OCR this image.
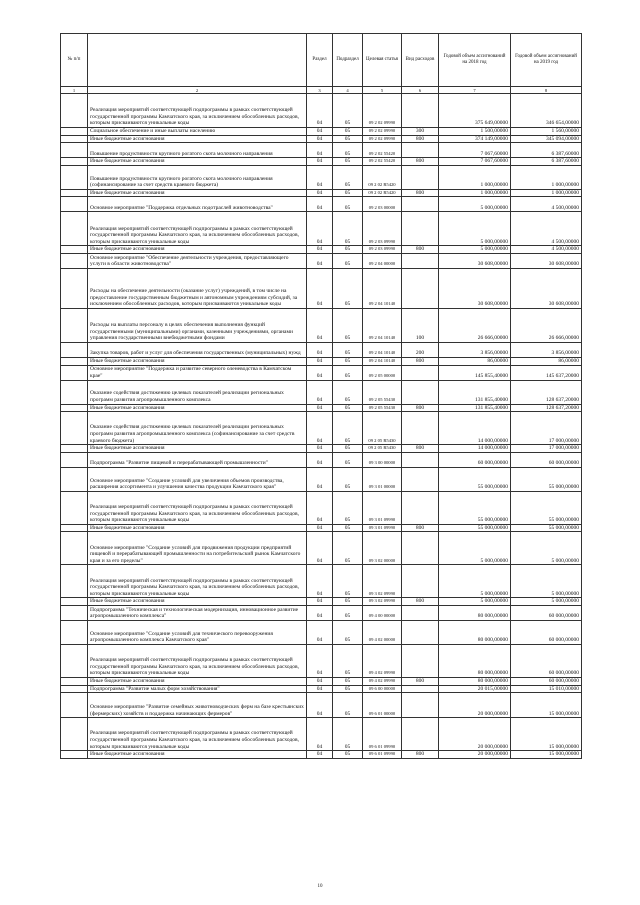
№ п/п		Раздел	Подраздел	Целевая статья	Вид расходов	Годовой объем ассигнований на 2018 год	Годовой объем ассигнований на 2019 год
1	2	3	4	5	6	7	8
	Реализация мероприятий соответствующей подпрограммы в рамках соответствующей государственной программы Камчатского края, за исключением обособленных расходов, которым присваиваются уникальные коды	04	05	09 2 02 09990		375 649,00000	346 654,00000
	Социальное обеспечение и иные выплаты населению	04	05	09 2 02 09990	300	1 500,00000	1 560,00000
	Иные бюджетные ассигнования	04	05	09 2 02 09990	800	374 149,00000	345 094,00000
	Повышение продуктивности крупного рогатого скота молочного направления	04	05	09 2 02 55420		7 067,60000	6 387,60000
	Иные бюджетные ассигнования	04	05	09 2 02 55420	800	7 067,60000	6 387,60000
	Повышение продуктивности крупного рогатого скота молочного направления (софинансирование за счет средств краевого бюджета)	04	05	09 2 02 R5420		1 000,00000	1 000,00000
	Иные бюджетные ассигнования	04	05	09 2 02 R5420	800	1 000,00000	1 000,00000
	Основное мероприятие "Поддержка отдельных подотраслей животноводства"	04	05	09 2 03 00000		5 000,00000	4 500,00000
	Реализация мероприятий соответствующей подпрограммы в рамках соответствующей государственной программы Камчатского края, за исключением обособленных расходов, которым присваиваются уникальные коды	04	05	09 2 03 09990		5 000,00000	4 500,00000
	Иные бюджетные ассигнования	04	05	09 2 03 09990	800	5 000,00000	4 500,00000
	Основное мероприятие "Обеспечение деятельности учреждения, предоставляющего услуги в области животноводства"	04	05	09 2 04 00000		30 608,00000	30 608,00000
	Расходы на обеспечение деятельности (оказание услуг) учреждений, в том числе на предоставление государственным бюджетным и автономным учреждениям субсидий, за исключением обособленных расходов, которым присваиваются уникальные коды	04	05	09 2 04 10140		30 608,00000	30 608,00000
	Расходы на выплаты персоналу в целях обеспечения выполнения функций государственными (муниципальными) органами, казенными учреждениями, органами управления государственными внебюджетными фондами	04	05	09 2 04 10140	100	26 666,00000	26 666,00000
	Закупка товаров, работ и услуг для обеспечения государственных (муниципальных) нужд	04	05	09 2 04 10140	200	3 856,00000	3 856,00000
	Иные бюджетные ассигнования	04	05	09 2 04 10140	800	86,00000	86,00000
	Основное мероприятие "Поддержка и развитие северного оленеводства в Камчатском крае"	04	05	09 2 05 00000		145 855,40000	145 637,20000
	Оказание содействия достижению целевых показателей реализации региональных программ развития агропромышленного комплекса	04	05	09 2 05 55430		131 855,40000	128 637,20000
	Иные бюджетные ассигнования	04	05	09 2 05 55430	800	131 855,40000	128 637,20000
	Оказание содействия достижению целевых показателей реализации региональных программ развития агропромышленного комплекса (софинансирование за счет средств краевого бюджета)	04	05	09 2 05 R5430		14 000,00000	17 000,00000
	Иные бюджетные ассигнования	04	05	09 2 05 R5430	800	14 000,00000	17 000,00000
	Подпрограмма "Развитие пищевой и перерабатывающей промышленности"	04	05	09 3 00 00000		60 000,00000	60 000,00000
	Основное мероприятие "Создание условий для увеличения объемов производства, расширения ассортимента и улучшения качества продукции Камчатского края"	04	05	09 3 01 00000		55 000,00000	55 000,00000
	Реализация мероприятий соответствующей подпрограммы в рамках соответствующей государственной программы Камчатского края, за исключением обособленных расходов, которым присваиваются уникальные коды	04	05	09 3 01 09990		55 000,00000	55 000,00000
	Иные бюджетные ассигнования	04	05	09 3 01 09990	800	55 000,00000	55 000,00000
	Основное мероприятие "Создание условий для продвижения продукции предприятий пищевой и перерабатывающей промышленности на потребительский рынок Камчатского края и за его пределы"	04	05	09 3 02 00000		5 000,00000	5 000,00000
	Реализация мероприятий соответствующей подпрограммы в рамках соответствующей государственной программы Камчатского края, за исключением обособленных расходов, которым присваиваются уникальные коды	04	05	09 3 02 09990		5 000,00000	5 000,00000
	Иные бюджетные ассигнования	04	05	09 3 02 09990	800	5 000,00000	5 000,00000
	Подпрограмма "Техническая и технологическая модернизация, инновационное развитие агропромышленного комплекса"	04	05	09 4 00 00000		80 000,00000	60 000,00000
	Основное мероприятие "Создание условий для технического перевооружения агропромышленного комплекса Камчатского края"	04	05	09 4 02 00000		80 000,00000	60 000,00000
	Реализация мероприятий соответствующей подпрограммы в рамках соответствующей государственной программы Камчатского края, за исключением обособленных расходов, которым присваиваются уникальные коды	04	05	09 4 02 09990		80 000,00000	60 000,00000
	Иные бюджетные ассигнования	04	05	09 4 02 09990	800	80 000,00000	60 000,00000
	Подпрограмма "Развитие малых форм хозяйствования"	04	05	09 6 00 00000		20 015,00000	15 010,00000
	Основное мероприятие "Развитие семейных животноводческих ферм на базе крестьянских (фермерских) хозяйств и поддержка начинающих фермеров"	04	05	09 6 01 00000		20 000,00000	15 000,00000
	Реализация мероприятий соответствующей подпрограммы в рамках соответствующей государственной программы Камчатского края, за исключением обособленных расходов, которым присваиваются уникальные коды	04	05	09 6 01 09990		20 000,00000	15 000,00000
	Иные бюджетные ассигнования	04	05	09 6 01 09990	800	20 000,00000	15 000,00000
10
